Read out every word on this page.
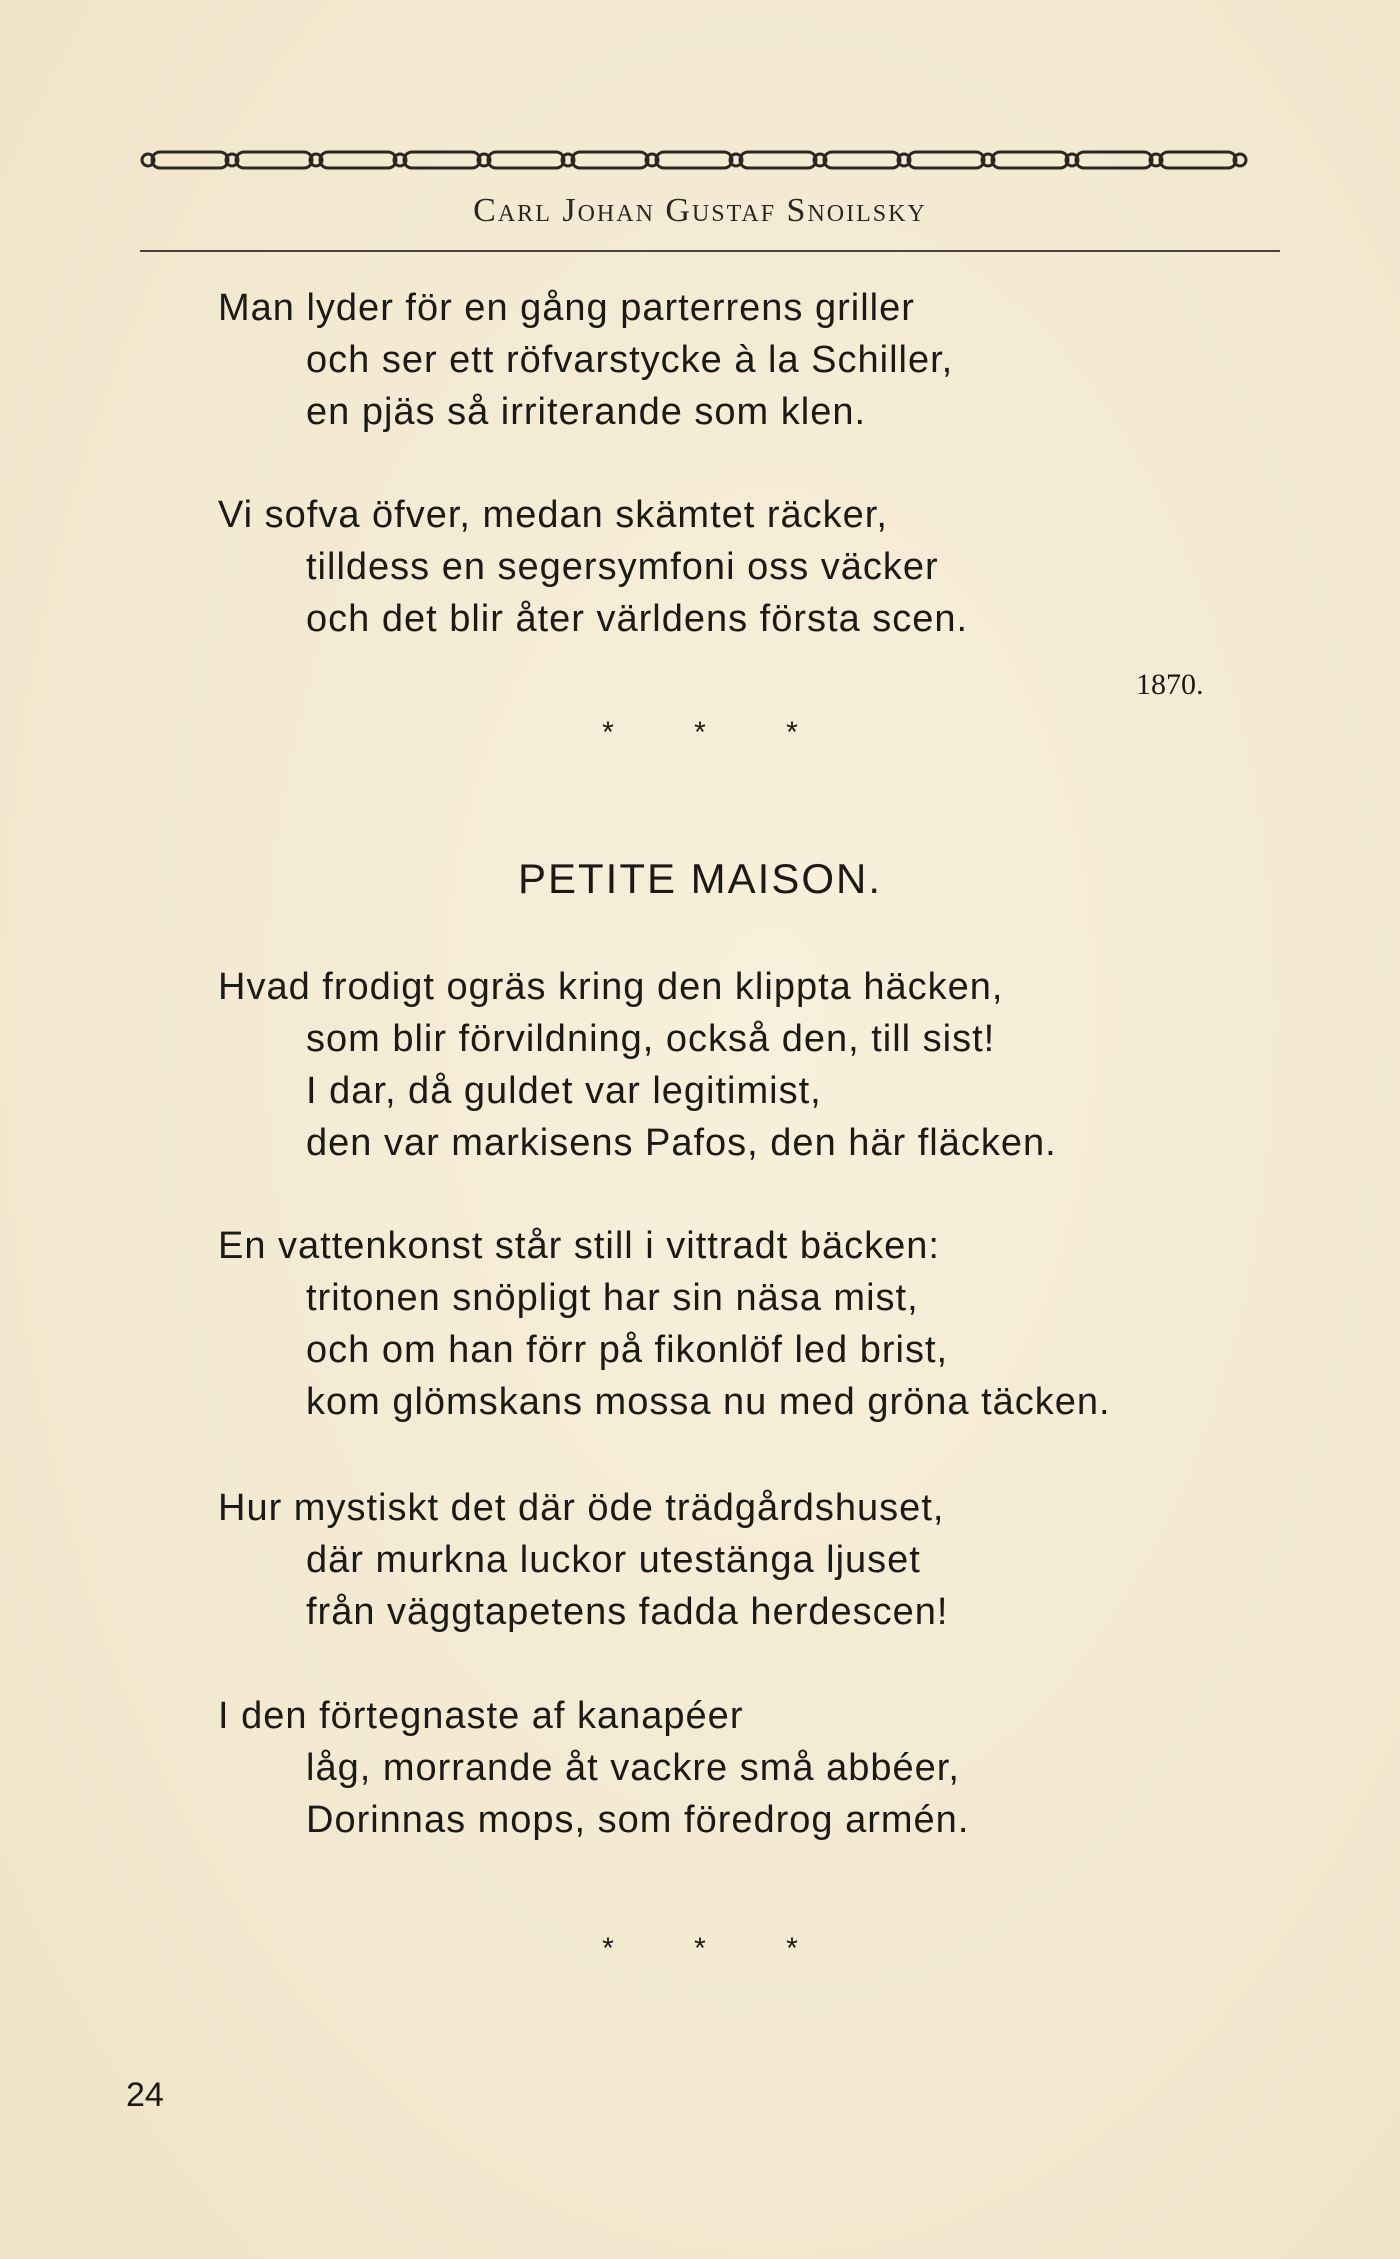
Carl Johan Gustaf Snoilsky
Man lyder för en gång parterrens griller
och ser ett röfvarstycke à la Schiller,
en pjäs så irriterande som klen.
Vi sofva öfver, medan skämtet räcker,
tilldess en segersymfoni oss väcker
och det blir åter världens första scen.
1870.
* * *
PETITE MAISON.
Hvad frodigt ogräs kring den klippta häcken,
som blir förvildning, också den, till sist!
I dar, då guldet var legitimist,
den var markisens Pafos, den här fläcken.
En vattenkonst står still i vittradt bäcken:
tritonen snöpligt har sin näsa mist,
och om han förr på fikonlöf led brist,
kom glömskans mossa nu med gröna täcken.
Hur mystiskt det där öde trädgårdshuset,
där murkna luckor utestänga ljuset
från väggtapetens fadda herdescen!
I den förtegnaste af kanapéer
låg, morrande åt vackre små abbéer,
Dorinnas mops, som föredrog armén.
* * *
24
